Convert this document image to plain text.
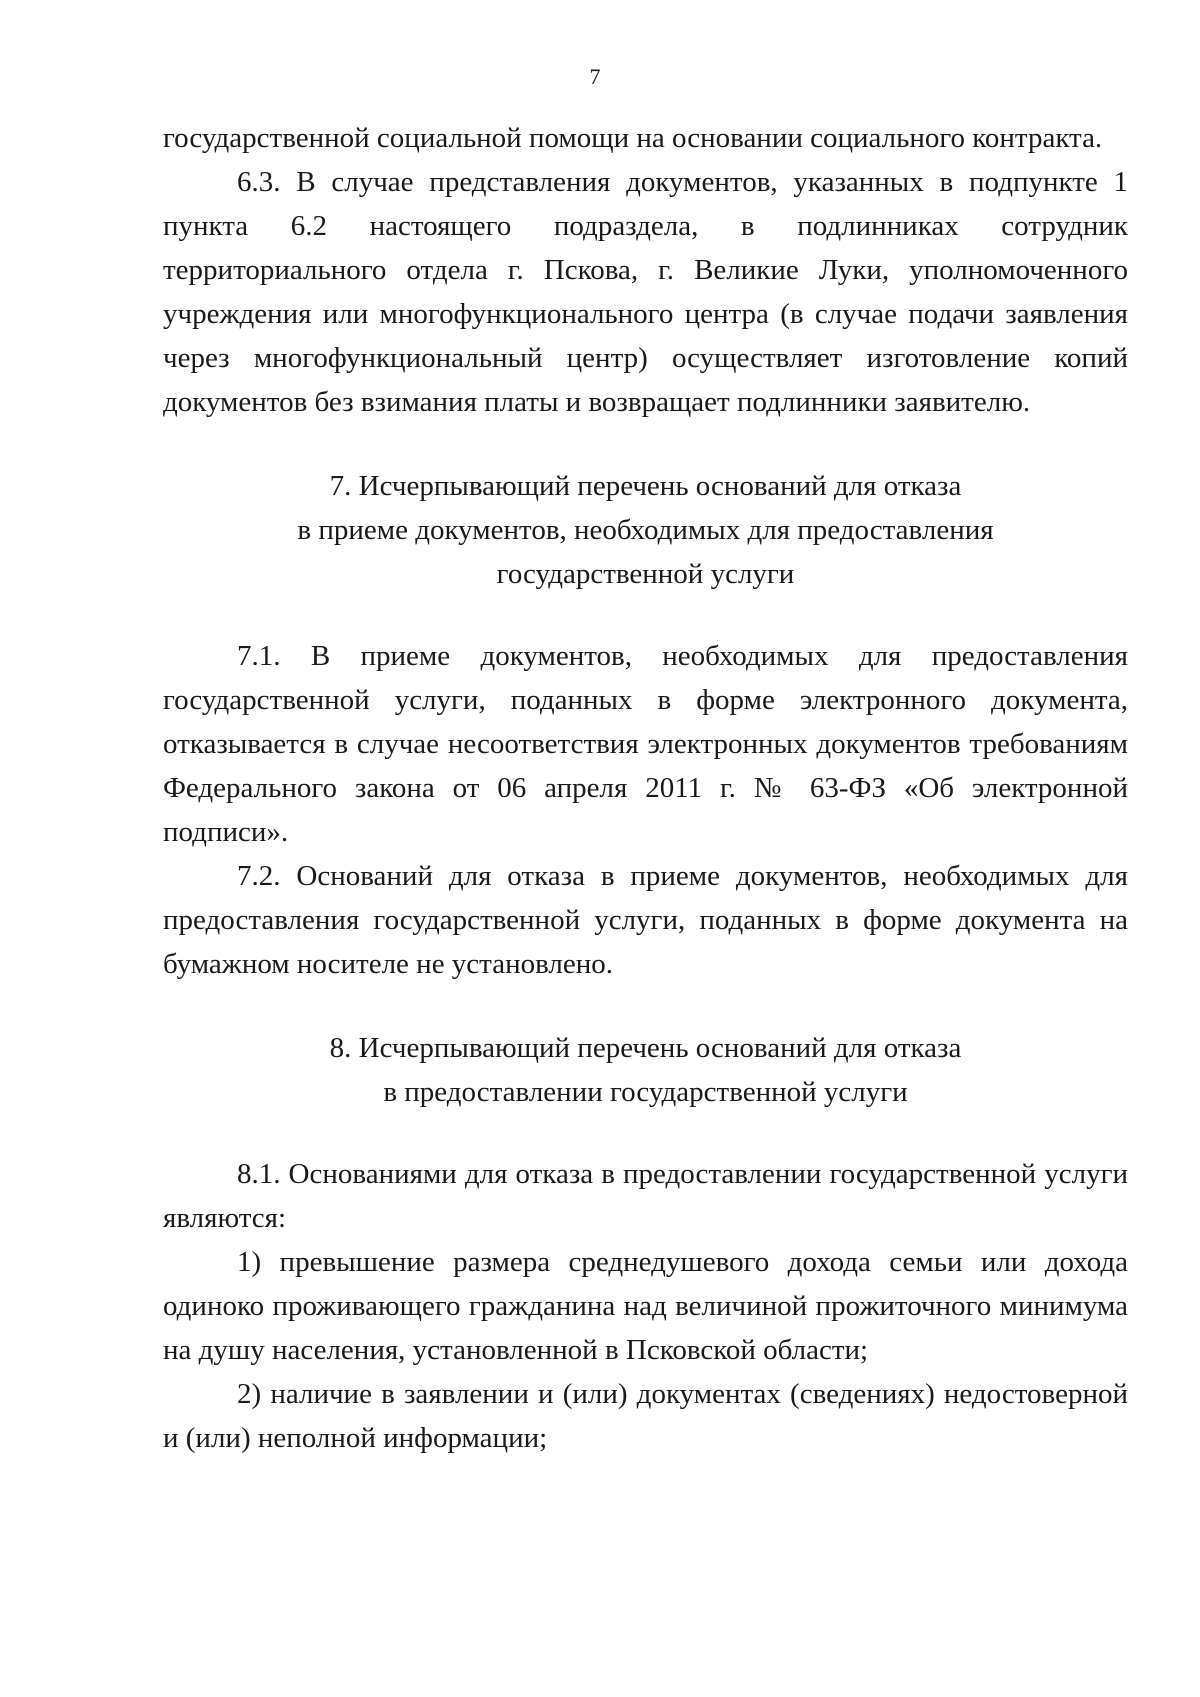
7

государственной социальной помощи на основании социального контракта.

6.3. В случае представления документов, указанных в подпункте 1 пункта 6.2 настоящего подраздела, в подлинниках сотрудник территориального отдела г. Пскова, г. Великие Луки, уполномоченного учреждения или многофункционального центра (в случае подачи заявления через многофункциональный центр) осуществляет изготовление копий документов без взимания платы и возвращает подлинники заявителю.

7. Исчерпывающий перечень оснований для отказа
в приеме документов, необходимых для предоставления
государственной услуги

7.1. В приеме документов, необходимых для предоставления государственной услуги, поданных в форме электронного документа, отказывается в случае несоответствия электронных документов требованиям Федерального закона от 06 апреля 2011 г. № 63-ФЗ «Об электронной подписи».

7.2. Оснований для отказа в приеме документов, необходимых для предоставления государственной услуги, поданных в форме документа на бумажном носителе не установлено.

8. Исчерпывающий перечень оснований для отказа
в предоставлении государственной услуги

8.1. Основаниями для отказа в предоставлении государственной услуги являются:

1) превышение размера среднедушевого дохода семьи или дохода одиноко проживающего гражданина над величиной прожиточного минимума на душу населения, установленной в Псковской области;

2) наличие в заявлении и (или) документах (сведениях) недостоверной и (или) неполной информации;
